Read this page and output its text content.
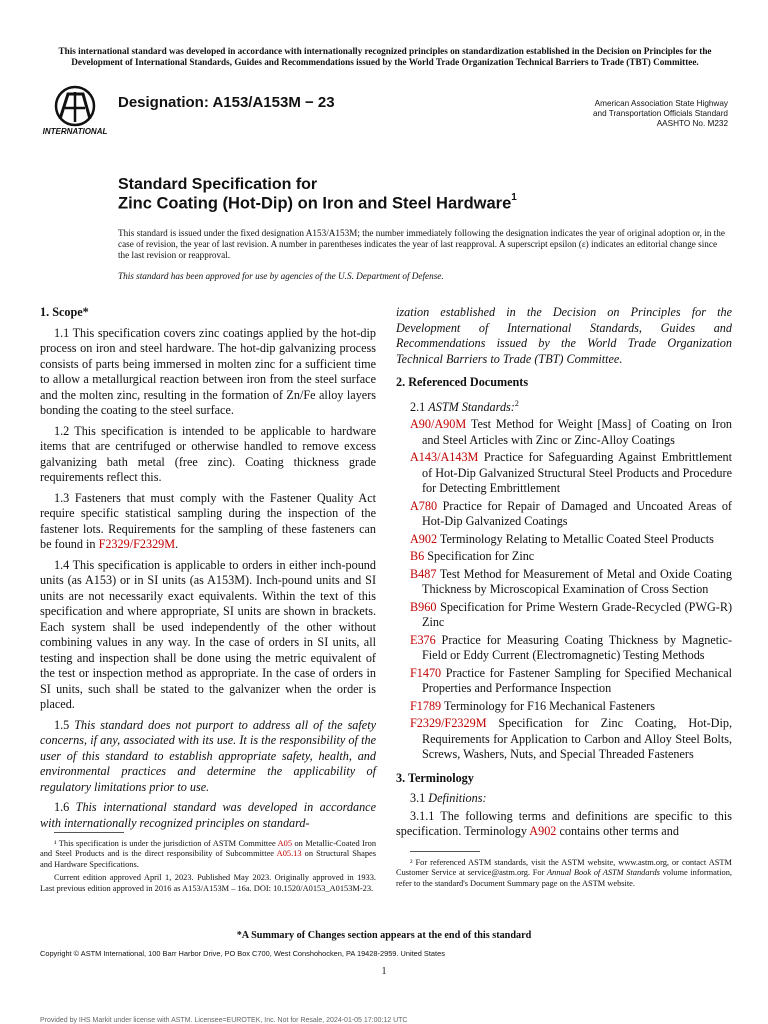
This international standard was developed in accordance with internationally recognized principles on standardization established in the Decision on Principles for the Development of International Standards, Guides and Recommendations issued by the World Trade Organization Technical Barriers to Trade (TBT) Committee.
INTERNATIONAL
Designation: A153/A153M − 23	American Association State Highway
and Transportation Officials Standard
AASHTO No. M232
Standard Specification for
Zinc Coating (Hot-Dip) on Iron and Steel Hardware$^1$

This standard is issued under the fixed designation A153/A153M; the number immediately following the designation indicates the year of original adoption or, in the case of revision, the year of last revision. A number in parentheses indicates the year of last reapproval. A superscript epsilon (ε) indicates an editorial change since the last revision or reapproval.

This standard has been approved for use by agencies of the U.S. Department of Defense.
1. Scope*

1.1 This specification covers zinc coatings applied by the hot-dip process on iron and steel hardware. The hot-dip galvanizing process consists of parts being immersed in molten zinc for a sufficient time to allow a metallurgical reaction between iron from the steel surface and the molten zinc, resulting in the formation of Zn/Fe alloy layers bonding the coating to the steel surface.

1.2 This specification is intended to be applicable to hardware items that are centrifuged or otherwise handled to remove excess galvanizing bath metal (free zinc). Coating thickness grade requirements reflect this.

1.3 Fasteners that must comply with the Fastener Quality Act require specific statistical sampling during the inspection of the fastener lots. Requirements for the sampling of these fasteners can be found in F2329/F2329M.

1.4 This specification is applicable to orders in either inch-pound units (as A153) or in SI units (as A153M). Inch-pound units and SI units are not necessarily exact equivalents. Within the text of this specification and where appropriate, SI units are shown in brackets. Each system shall be used independently of the other without combining values in any way. In the case of orders in SI units, all testing and inspection shall be done using the metric equivalent of the test or inspection method as appropriate. In the case of orders in SI units, such shall be stated to the galvanizer when the order is placed.

1.5 This standard does not purport to address all of the safety concerns, if any, associated with its use. It is the responsibility of the user of this standard to establish appropriate safety, health, and environmental practices and determine the applicability of regulatory limitations prior to use.

1.6 This international standard was developed in accordance with internationally recognized principles on standard-

¹ This specification is under the jurisdiction of ASTM Committee A05 on Metallic-Coated Iron and Steel Products and is the direct responsibility of Subcommittee A05.13 on Structural Shapes and Hardware Specifications.

Current edition approved April 1, 2023. Published May 2023. Originally approved in 1933. Last previous edition approved in 2016 as A153/A153M – 16a. DOI: 10.1520/A0153_A0153M-23.

ization established in the Decision on Principles for the Development of International Standards, Guides and Recommendations issued by the World Trade Organization Technical Barriers to Trade (TBT) Committee.

2. Referenced Documents

2.1 ASTM Standards:$^2$

A90/A90M Test Method for Weight [Mass] of Coating on Iron and Steel Articles with Zinc or Zinc-Alloy Coatings
A143/A143M Practice for Safeguarding Against Embrittlement of Hot-Dip Galvanized Structural Steel Products and Procedure for Detecting Embrittlement
A780 Practice for Repair of Damaged and Uncoated Areas of Hot-Dip Galvanized Coatings
A902 Terminology Relating to Metallic Coated Steel Products
B6 Specification for Zinc
B487 Test Method for Measurement of Metal and Oxide Coating Thickness by Microscopical Examination of Cross Section
B960 Specification for Prime Western Grade-Recycled (PWG-R) Zinc
E376 Practice for Measuring Coating Thickness by Magnetic-Field or Eddy Current (Electromagnetic) Testing Methods
F1470 Practice for Fastener Sampling for Specified Mechanical Properties and Performance Inspection
F1789 Terminology for F16 Mechanical Fasteners
F2329/F2329M Specification for Zinc Coating, Hot-Dip, Requirements for Application to Carbon and Alloy Steel Bolts, Screws, Washers, Nuts, and Special Threaded Fasteners
3. Terminology

3.1 Definitions:

3.1.1 The following terms and definitions are specific to this specification. Terminology A902 contains other terms and

² For referenced ASTM standards, visit the ASTM website, www.astm.org, or contact ASTM Customer Service at service@astm.org. For Annual Book of ASTM Standards volume information, refer to the standard's Document Summary page on the ASTM website.

*A Summary of Changes section appears at the end of this standard
Copyright © ASTM International, 100 Barr Harbor Drive, PO Box C700, West Conshohocken, PA 19428-2959. United States
1
Provided by IHS Markit under license with ASTM. Licensee=EUROTEK, Inc. Not for Resale, 2024-01-05 17:00:12 UTC
